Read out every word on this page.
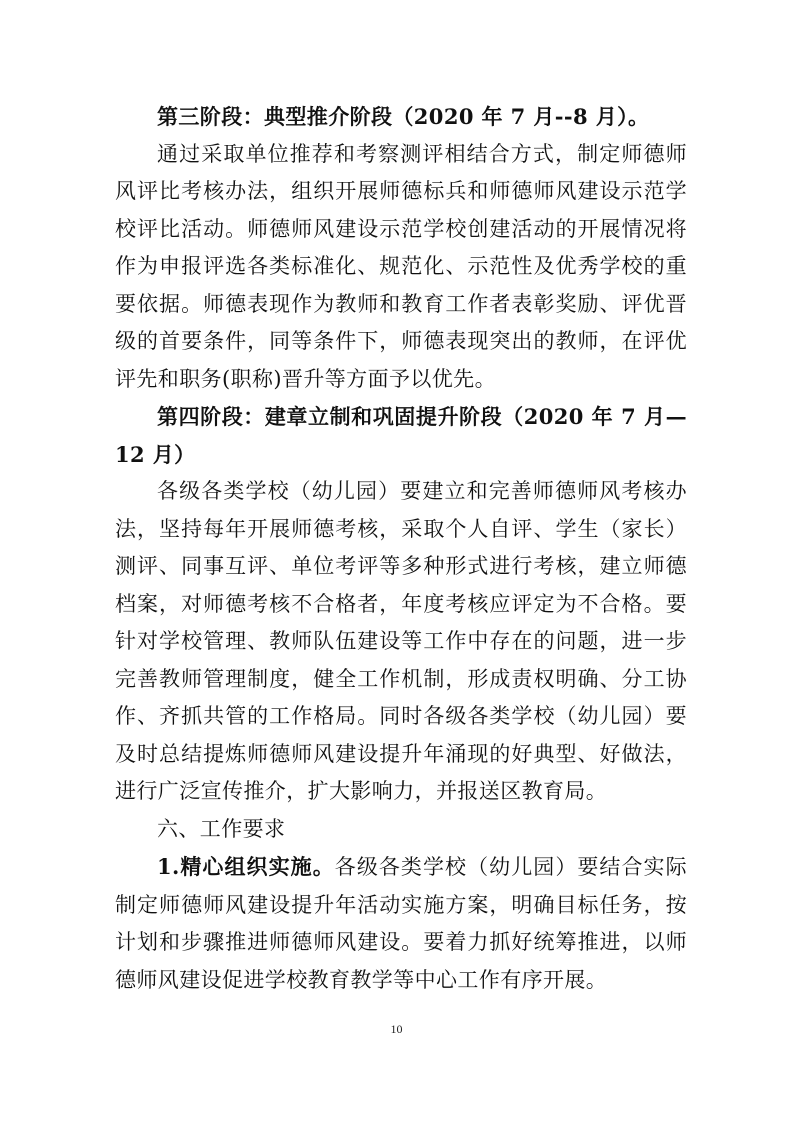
第三阶段：典型推介阶段（2020 年 7 月--8 月）。

通过采取单位推荐和考察测评相结合方式，制定师德师风评比考核办法，组织开展师德标兵和师德师风建设示范学校评比活动。师德师风建设示范学校创建活动的开展情况将作为申报评选各类标准化、规范化、示范性及优秀学校的重要依据。师德表现作为教师和教育工作者表彰奖励、评优晋级的首要条件，同等条件下，师德表现突出的教师，在评优评先和职务(职称)晋升等方面予以优先。

第四阶段：建章立制和巩固提升阶段（2020 年 7 月—12 月）

各级各类学校（幼儿园）要建立和完善师德师风考核办法，坚持每年开展师德考核，采取个人自评、学生（家长）测评、同事互评、单位考评等多种形式进行考核，建立师德档案，对师德考核不合格者，年度考核应评定为不合格。要针对学校管理、教师队伍建设等工作中存在的问题，进一步完善教师管理制度，健全工作机制，形成责权明确、分工协作、齐抓共管的工作格局。同时各级各类学校（幼儿园）要及时总结提炼师德师风建设提升年涌现的好典型、好做法，进行广泛宣传推介，扩大影响力，并报送区教育局。

六、工作要求

1.精心组织实施。各级各类学校（幼儿园）要结合实际制定师德师风建设提升年活动实施方案，明确目标任务，按计划和步骤推进师德师风建设。要着力抓好统筹推进，以师德师风建设促进学校教育教学等中心工作有序开展。

10
